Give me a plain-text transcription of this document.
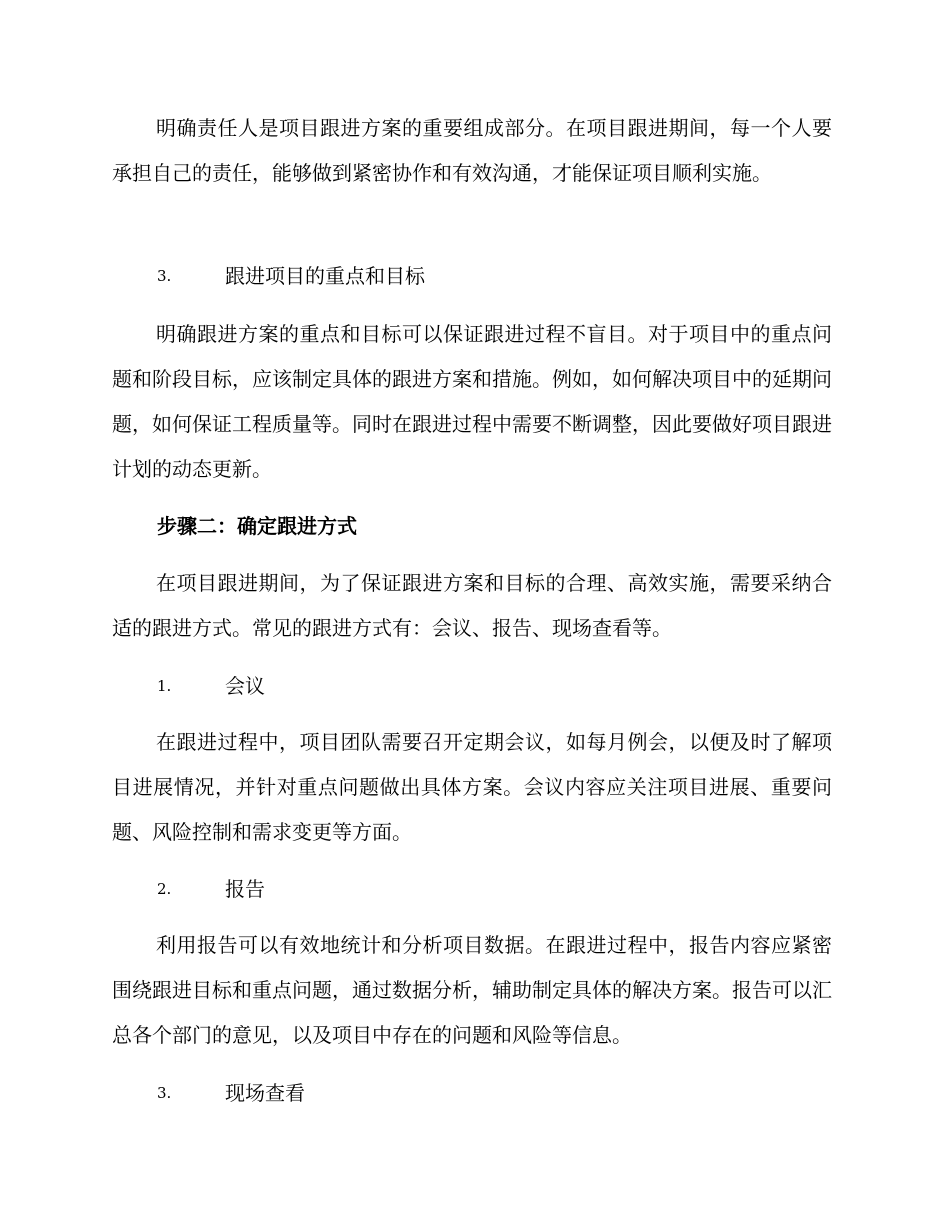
明确责任人是项目跟进方案的重要组成部分。在项目跟进期间，每一个人要承担自己的责任，能够做到紧密协作和有效沟通，才能保证项目顺利实施。

3.	跟进项目的重点和目标

明确跟进方案的重点和目标可以保证跟进过程不盲目。对于项目中的重点问题和阶段目标，应该制定具体的跟进方案和措施。例如，如何解决项目中的延期问题，如何保证工程质量等。同时在跟进过程中需要不断调整，因此要做好项目跟进计划的动态更新。

步骤二：确定跟进方式

在项目跟进期间，为了保证跟进方案和目标的合理、高效实施，需要采纳合适的跟进方式。常见的跟进方式有：会议、报告、现场查看等。

1.	会议

在跟进过程中，项目团队需要召开定期会议，如每月例会，以便及时了解项目进展情况，并针对重点问题做出具体方案。会议内容应关注项目进展、重要问题、风险控制和需求变更等方面。

2.	报告

利用报告可以有效地统计和分析项目数据。在跟进过程中，报告内容应紧密围绕跟进目标和重点问题，通过数据分析，辅助制定具体的解决方案。报告可以汇总各个部门的意见，以及项目中存在的问题和风险等信息。

3.	现场查看
